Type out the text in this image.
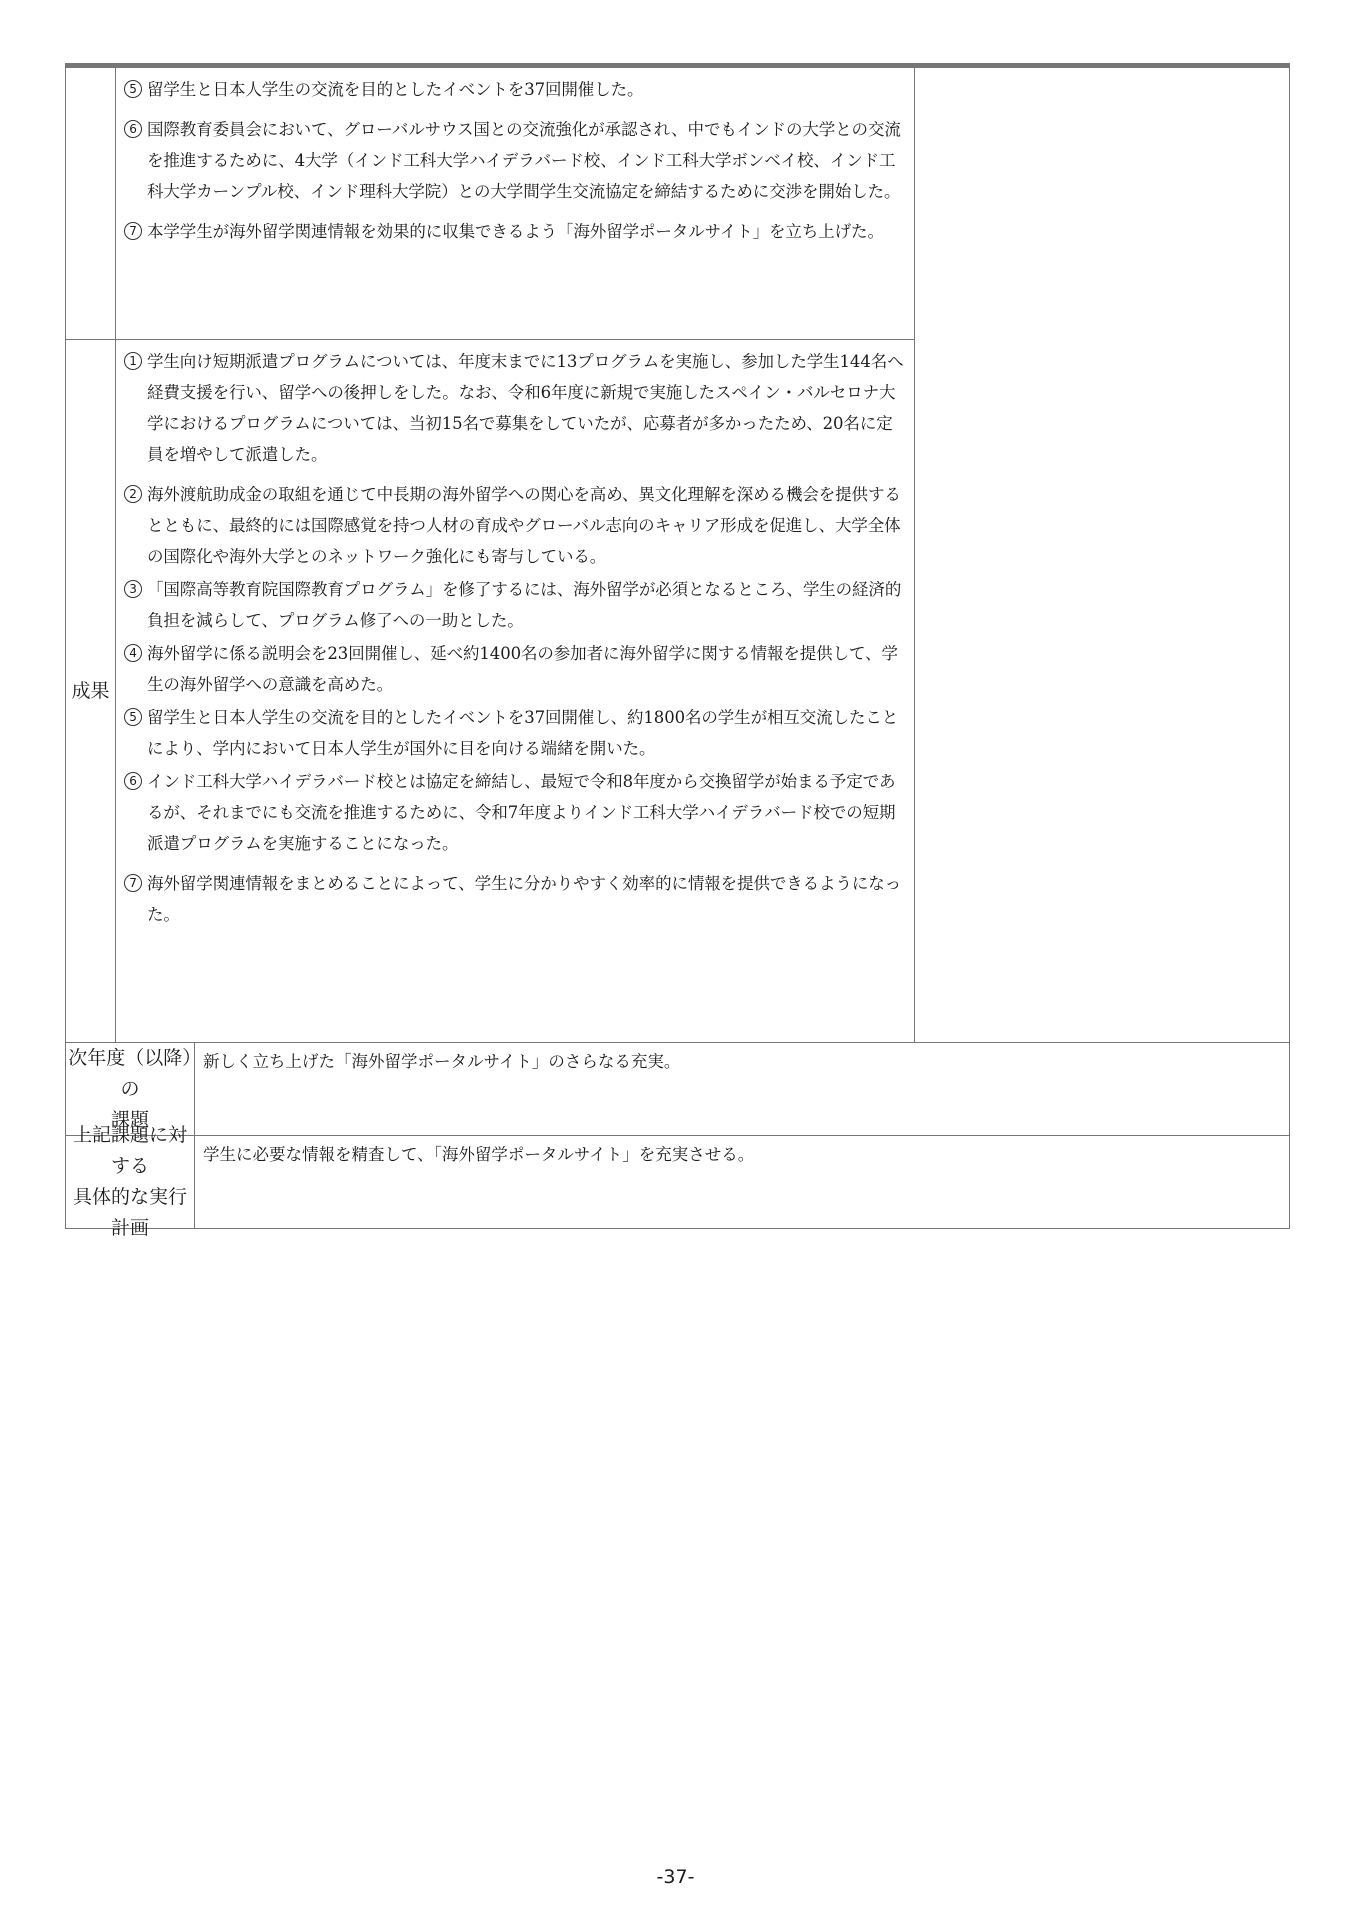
5 留学生と日本人学生の交流を目的としたイベントを37回開催した。
6 国際教育委員会において、グローバルサウス国との交流強化が承認され、中でもインドの大学との交流を推進するために、4大学（インド工科大学ハイデラバード校、インド工科大学ボンベイ校、インド工科大学カーンプル校、インド理科大学院）との大学間学生交流協定を締結するために交渉を開始した。
7 本学学生が海外留学関連情報を効果的に収集できるよう「海外留学ポータルサイト」を立ち上げた。
成果
1 学生向け短期派遣プログラムについては、年度末までに13プログラムを実施し、参加した学生144名へ経費支援を行い、留学への後押しをした。なお、令和6年度に新規で実施したスペイン・バルセロナ大学におけるプログラムについては、当初15名で募集をしていたが、応募者が多かったため、20名に定員を増やして派遣した。
2 海外渡航助成金の取組を通じて中長期の海外留学への関心を高め、異文化理解を深める機会を提供するとともに、最終的には国際感覚を持つ人材の育成やグローバル志向のキャリア形成を促進し、大学全体の国際化や海外大学とのネットワーク強化にも寄与している。
3 「国際高等教育院国際教育プログラム」を修了するには、海外留学が必須となるところ、学生の経済的負担を減らして、プログラム修了への一助とした。
4 海外留学に係る説明会を23回開催し、延べ約1400名の参加者に海外留学に関する情報を提供して、学生の海外留学への意識を高めた。
5 留学生と日本人学生の交流を目的としたイベントを37回開催し、約1800名の学生が相互交流したことにより、学内において日本人学生が国外に目を向ける端緒を開いた。
6 インド工科大学ハイデラバード校とは協定を締結し、最短で令和8年度から交換留学が始まる予定であるが、それまでにも交流を推進するために、令和7年度よりインド工科大学ハイデラバード校での短期派遣プログラムを実施することになった。
7 海外留学関連情報をまとめることによって、学生に分かりやすく効率的に情報を提供できるようになった。
次年度（以降）の
課題
新しく立ち上げた「海外留学ポータルサイト」のさらなる充実。
上記課題に対する
具体的な実行計画
学生に必要な情報を精査して、「海外留学ポータルサイト」を充実させる。
-37-
